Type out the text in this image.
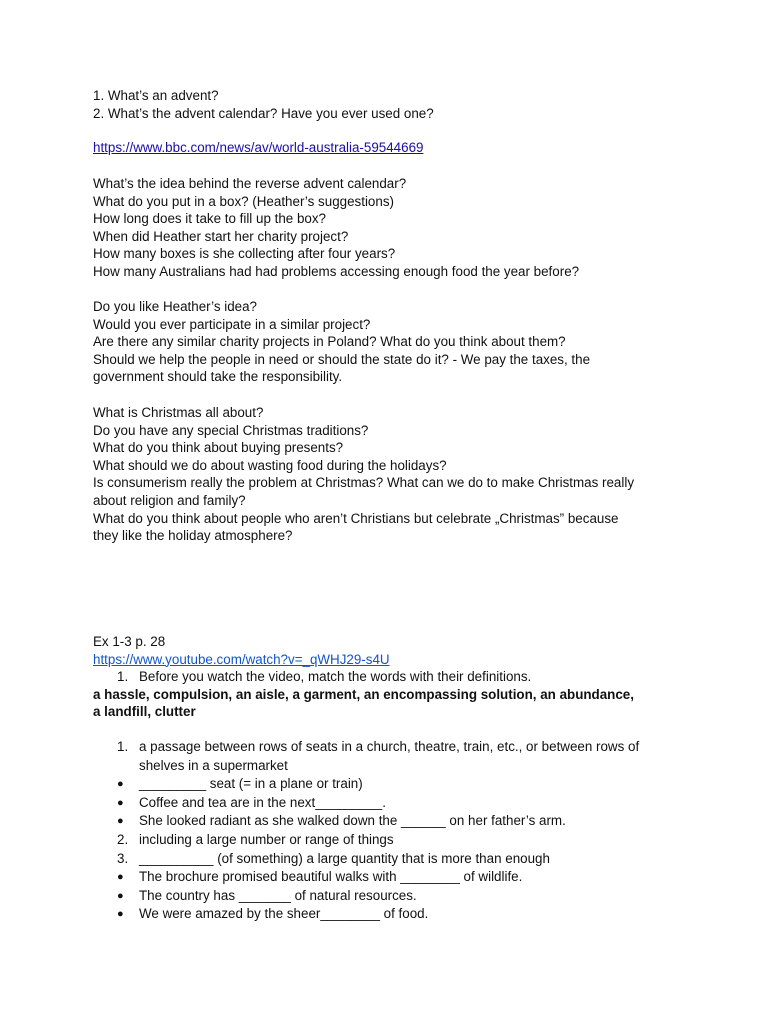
1. What’s an advent?
2. What’s the advent calendar? Have you ever used one?
https://www.bbc.com/news/av/world-australia-59544669
What’s the idea behind the reverse advent calendar?
What do you put in a box? (Heather’s suggestions)
How long does it take to fill up the box?
When did Heather start her charity project?
How many boxes is she collecting after four years?
How many Australians had had problems accessing enough food the year before?
Do you like Heather’s idea?
Would you ever participate in a similar project?
Are there any similar charity projects in Poland? What do you think about them?
Should we help the people in need or should the state do it? - We pay the taxes, the
government should take the responsibility.
What is Christmas all about?
Do you have any special Christmas traditions?
What do you think about buying presents?
What should we do about wasting food during the holidays?
Is consumerism really the problem at Christmas? What can we do to make Christmas really
about religion and family?
What do you think about people who aren’t Christians but celebrate „Christmas” because
they like the holiday atmosphere?
Ex 1-3 p. 28
https://www.youtube.com/watch?v=_qWHJ29-s4U
1. Before you watch the video, match the words with their definitions.
a hassle, compulsion, an aisle, a garment, an encompassing solution, an abundance,
a landfill, clutter
1. a passage between rows of seats in a church, theatre, train, etc., or between rows of shelves in a supermarket
● _________ seat (= in a plane or train)
● Coffee and tea are in the next_________.
● She looked radiant as she walked down the ______ on her father’s arm.
2. including a large number or range of things
3. __________ (of something) a large quantity that is more than enough
● The brochure promised beautiful walks with ________ of wildlife.
● The country has _______ of natural resources.
● We were amazed by the sheer________ of food.
